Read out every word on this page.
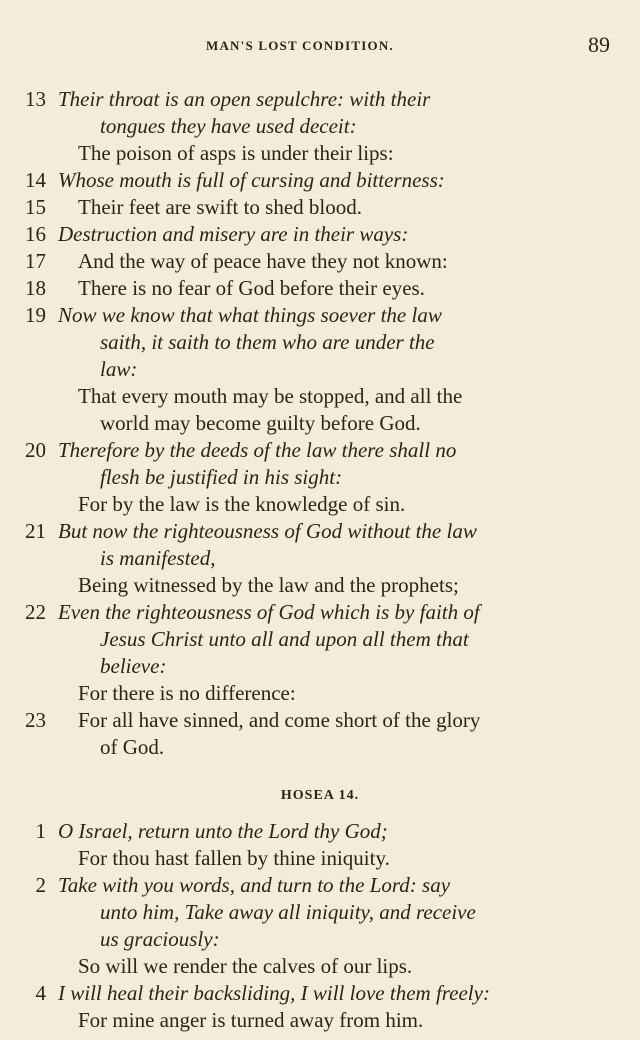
MAN'S LOST CONDITION.	89
13 Their throat is an open sepulchre: with their
tongues they have used deceit:
The poison of asps is under their lips:
14 Whose mouth is full of cursing and bitterness:
15 Their feet are swift to shed blood.
16 Destruction and misery are in their ways:
17 And the way of peace have they not known:
18 There is no fear of God before their eyes.
19 Now we know that what things soever the law
saith, it saith to them who are under the
law:
That every mouth may be stopped, and all the
world may become guilty before God.
20 Therefore by the deeds of the law there shall no
flesh be justified in his sight:
For by the law is the knowledge of sin.
21 But now the righteousness of God without the law
is manifested,
Being witnessed by the law and the prophets;
22 Even the righteousness of God which is by faith of
Jesus Christ unto all and upon all them that
believe:
For there is no difference:
23 For all have sinned, and come short of the glory
of God.
HOSEA 14.
1 O Israel, return unto the Lord thy God;
For thou hast fallen by thine iniquity.
2 Take with you words, and turn to the Lord: say
unto him, Take away all iniquity, and receive
us graciously:
So will we render the calves of our lips.
4 I will heal their backsliding, I will love them freely:
For mine anger is turned away from him.
